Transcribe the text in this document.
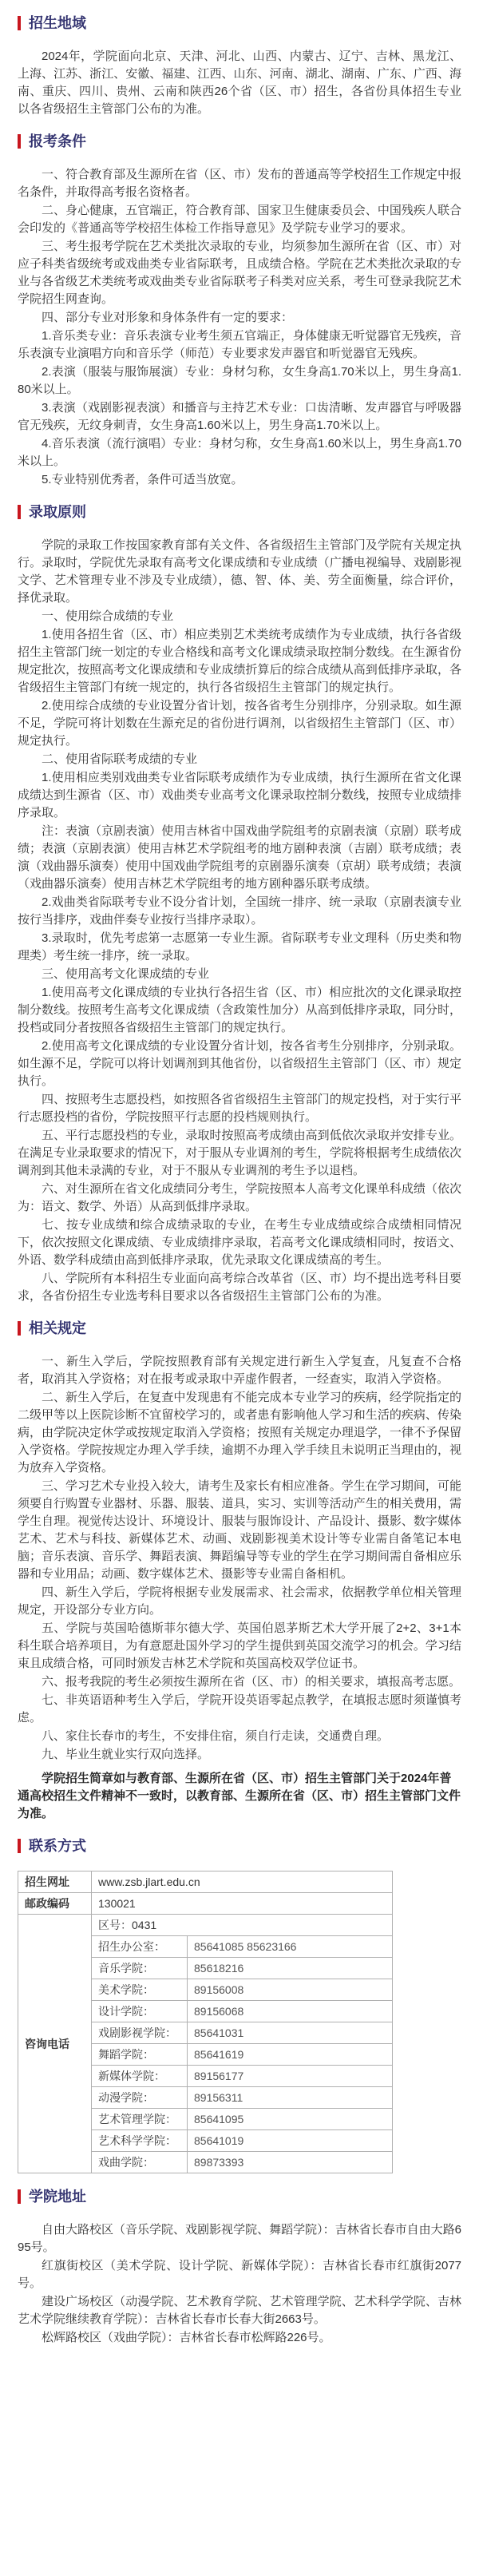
招生地域

2024年，学院面向北京、天津、河北、山西、内蒙古、辽宁、吉林、黑龙江、上海、江苏、浙江、安徽、福建、江西、山东、河南、湖北、湖南、广东、广西、海南、重庆、四川、贵州、云南和陕西26个省（区、市）招生，各省份具体招生专业以各省级招生主管部门公布的为准。

报考条件

一、符合教育部及生源所在省（区、市）发布的普通高等学校招生工作规定中报名条件，并取得高考报名资格者。

二、身心健康，五官端正，符合教育部、国家卫生健康委员会、中国残疾人联合会印发的《普通高等学校招生体检工作指导意见》及学院专业学习的要求。

三、考生报考学院在艺术类批次录取的专业，均须参加生源所在省（区、市）对应子科类省级统考或戏曲类专业省际联考，且成绩合格。学院在艺术类批次录取的专业与各省级艺术类统考或戏曲类专业省际联考子科类对应关系，考生可登录我院艺术学院招生网查询。

四、部分专业对形象和身体条件有一定的要求：

1.音乐类专业：音乐表演专业考生须五官端正，身体健康无听觉器官无残疾，音乐表演专业演唱方向和音乐学（师范）专业要求发声器官和听觉器官无残疾。

2.表演（服装与服饰展演）专业：身材匀称，女生身高1.70米以上，男生身高1.80米以上。

3.表演（戏剧影视表演）和播音与主持艺术专业：口齿清晰、发声器官与呼吸器官无残疾，无纹身刺青，女生身高1.60米以上，男生身高1.70米以上。

4.音乐表演（流行演唱）专业：身材匀称，女生身高1.60米以上，男生身高1.70米以上。

5.专业特别优秀者，条件可适当放宽。

录取原则

学院的录取工作按国家教育部有关文件、各省级招生主管部门及学院有关规定执行。录取时，学院优先录取有高考文化课成绩和专业成绩（广播电视编导、戏剧影视文学、艺术管理专业不涉及专业成绩），德、智、体、美、劳全面衡量，综合评价，择优录取。

一、使用综合成绩的专业

1.使用各招生省（区、市）相应类别艺术类统考成绩作为专业成绩，执行各省级招生主管部门统一划定的专业合格线和高考文化课成绩录取控制分数线。在生源省份规定批次，按照高考文化课成绩和专业成绩折算后的综合成绩从高到低排序录取，各省级招生主管部门有统一规定的，执行各省级招生主管部门的规定执行。

2.使用综合成绩的专业设置分省计划，按各省考生分别排序，分别录取。如生源不足，学院可将计划数在生源充足的省份进行调剂，以省级招生主管部门（区、市）规定执行。

二、使用省际联考成绩的专业

1.使用相应类别戏曲类专业省际联考成绩作为专业成绩，执行生源所在省文化课成绩达到生源省（区、市）戏曲类专业高考文化课录取控制分数线，按照专业成绩排序录取。

注：表演（京剧表演）使用吉林省中国戏曲学院组考的京剧表演（京剧）联考成绩；表演（京剧表演）使用吉林艺术学院组考的地方剧种表演（吉剧）联考成绩；表演（戏曲器乐演奏）使用中国戏曲学院组考的京剧器乐演奏（京胡）联考成绩；表演（戏曲器乐演奏）使用吉林艺术学院组考的地方剧种器乐联考成绩。

2.戏曲类省际联考专业不设分省计划，全国统一排序、统一录取（京剧表演专业按行当排序，戏曲伴奏专业按行当排序录取）。

3.录取时，优先考虑第一志愿第一专业生源。省际联考专业文理科（历史类和物理类）考生统一排序，统一录取。

三、使用高考文化课成绩的专业

1.使用高考文化课成绩的专业执行各招生省（区、市）相应批次的文化课录取控制分数线。按照考生高考文化课成绩（含政策性加分）从高到低排序录取，同分时，投档或同分者按照各省级招生主管部门的规定执行。

2.使用高考文化课成绩的专业设置分省计划，按各省考生分别排序，分别录取。如生源不足，学院可以将计划调剂到其他省份，以省级招生主管部门（区、市）规定执行。

四、按照考生志愿投档，如按照各省省级招生主管部门的规定投档，对于实行平行志愿投档的省份，学院按照平行志愿的投档规则执行。

五、平行志愿投档的专业，录取时按照高考成绩由高到低依次录取并安排专业。在满足专业录取要求的情况下，对于服从专业调剂的考生，学院将根据考生成绩依次调剂到其他未录满的专业，对于不服从专业调剂的考生予以退档。

六、对生源所在省文化成绩同分考生，学院按照本人高考文化课单科成绩（依次为：语文、数学、外语）从高到低排序录取。

七、按专业成绩和综合成绩录取的专业，在考生专业成绩或综合成绩相同情况下，依次按照文化课成绩、专业成绩排序录取，若高考文化课成绩相同时，按语文、外语、数学科成绩由高到低排序录取，优先录取文化课成绩高的考生。

八、学院所有本科招生专业面向高考综合改革省（区、市）均不提出选考科目要求，各省份招生专业选考科目要求以各省级招生主管部门公布的为准。

相关规定

一、新生入学后，学院按照教育部有关规定进行新生入学复查，凡复查不合格者，取消其入学资格；对在报考或录取中弄虚作假者，一经查实，取消入学资格。

二、新生入学后，在复查中发现患有不能完成本专业学习的疾病，经学院指定的二级甲等以上医院诊断不宜留校学习的，或者患有影响他人学习和生活的疾病、传染病，由学院决定休学或按规定取消入学资格；按照有关规定办理退学，一律不予保留入学资格。学院按规定办理入学手续，逾期不办理入学手续且未说明正当理由的，视为放弃入学资格。

三、学习艺术专业投入较大，请考生及家长有相应准备。学生在学习期间，可能须要自行购置专业器材、乐器、服装、道具，实习、实训等活动产生的相关费用，需学生自理。视觉传达设计、环境设计、服装与服饰设计、产品设计、摄影、数字媒体艺术、艺术与科技、新媒体艺术、动画、戏剧影视美术设计等专业需自备笔记本电脑；音乐表演、音乐学、舞蹈表演、舞蹈编导等专业的学生在学习期间需自备相应乐器和专业用品；动画、数字媒体艺术、摄影等专业需自备相机。

四、新生入学后，学院将根据专业发展需求、社会需求，依据教学单位相关管理规定，开设部分专业方向。

五、学院与英国哈德斯菲尔德大学、英国伯恩茅斯艺术大学开展了2+2、3+1本科生联合培养项目，为有意愿赴国外学习的学生提供到英国交流学习的机会。学习结束且成绩合格，可同时颁发吉林艺术学院和英国高校双学位证书。

六、报考我院的考生必须按生源所在省（区、市）的相关要求，填报高考志愿。

七、非英语语种考生入学后，学院开设英语零起点教学，在填报志愿时须谨慎考虑。

八、家住长春市的考生，不安排住宿，须自行走读，交通费自理。

九、毕业生就业实行双向选择。

学院招生简章如与教育部、生源所在省（区、市）招生主管部门关于2024年普通高校招生文件精神不一致时，以教育部、生源所在省（区、市）招生主管部门文件为准。

联系方式
招生网址	www.zsb.jlart.edu.cn	
邮政编码	130021	
咨询电话	区号：0431	
	招生办公室：	85641085 85623166
	音乐学院：	85618216
	美术学院：	89156008
	设计学院：	89156068
	戏剧影视学院：	85641031
	舞蹈学院：	85641619
	新媒体学院：	89156177
	动漫学院：	89156311
	艺术管理学院：	85641095
	艺术科学学院：	85641019
	戏曲学院：	89873393
学院地址

自由大路校区（音乐学院、戏剧影视学院、舞蹈学院）：吉林省长春市自由大路695号。

红旗街校区（美术学院、设计学院、新媒体学院）：吉林省长春市红旗街2077号。

建设广场校区（动漫学院、艺术教育学院、艺术管理学院、艺术科学学院、吉林艺术学院继续教育学院）：吉林省长春市长春大街2663号。

松辉路校区（戏曲学院）：吉林省长春市松辉路226号。
